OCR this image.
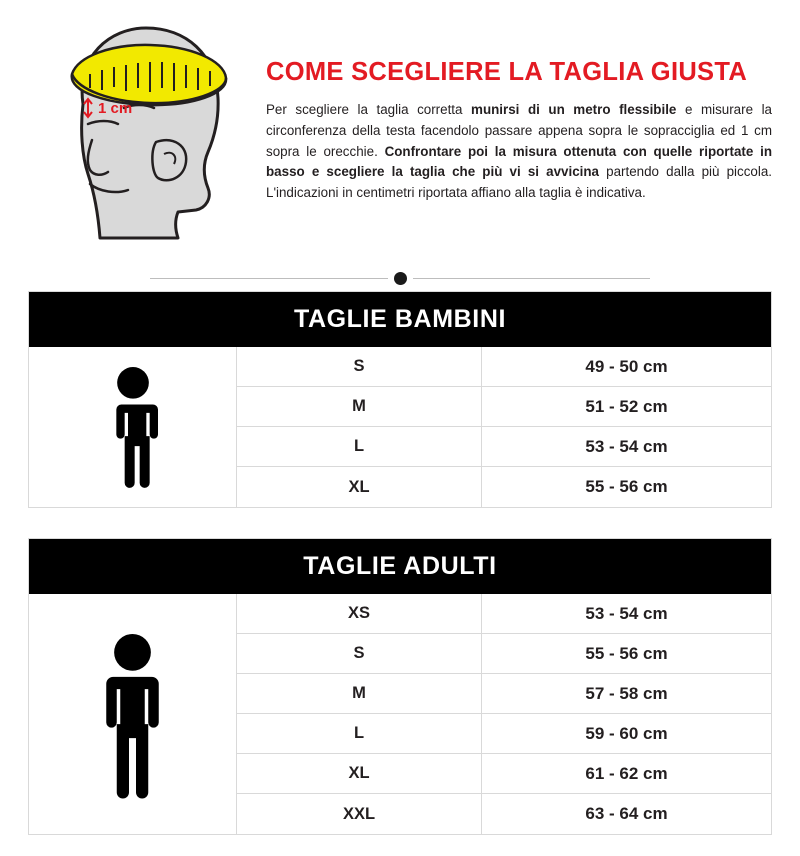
1 cm
COME SCEGLIERE LA TAGLIA GIUSTA

Per scegliere la taglia corretta munirsi di un metro flessibile e misurare la circonferenza della testa facendolo passare appena sopra le sopracciglia ed 1 cm sopra le orecchie. Confrontare poi la misura ottenuta con quelle riportate in basso e scegliere la taglia che più vi si avvicina partendo dalla più piccola. L'indicazioni in centimetri riportata affiano alla taglia è indicativa.

TAGLIE BAMBINI
S	49 - 50 cm
M	51 - 52 cm
L	53 - 54 cm
XL	55 - 56 cm
TAGLIE ADULTI
XS	53 - 54 cm
S	55 - 56 cm
M	57 - 58 cm
L	59 - 60 cm
XL	61 - 62 cm
XXL	63 - 64 cm
